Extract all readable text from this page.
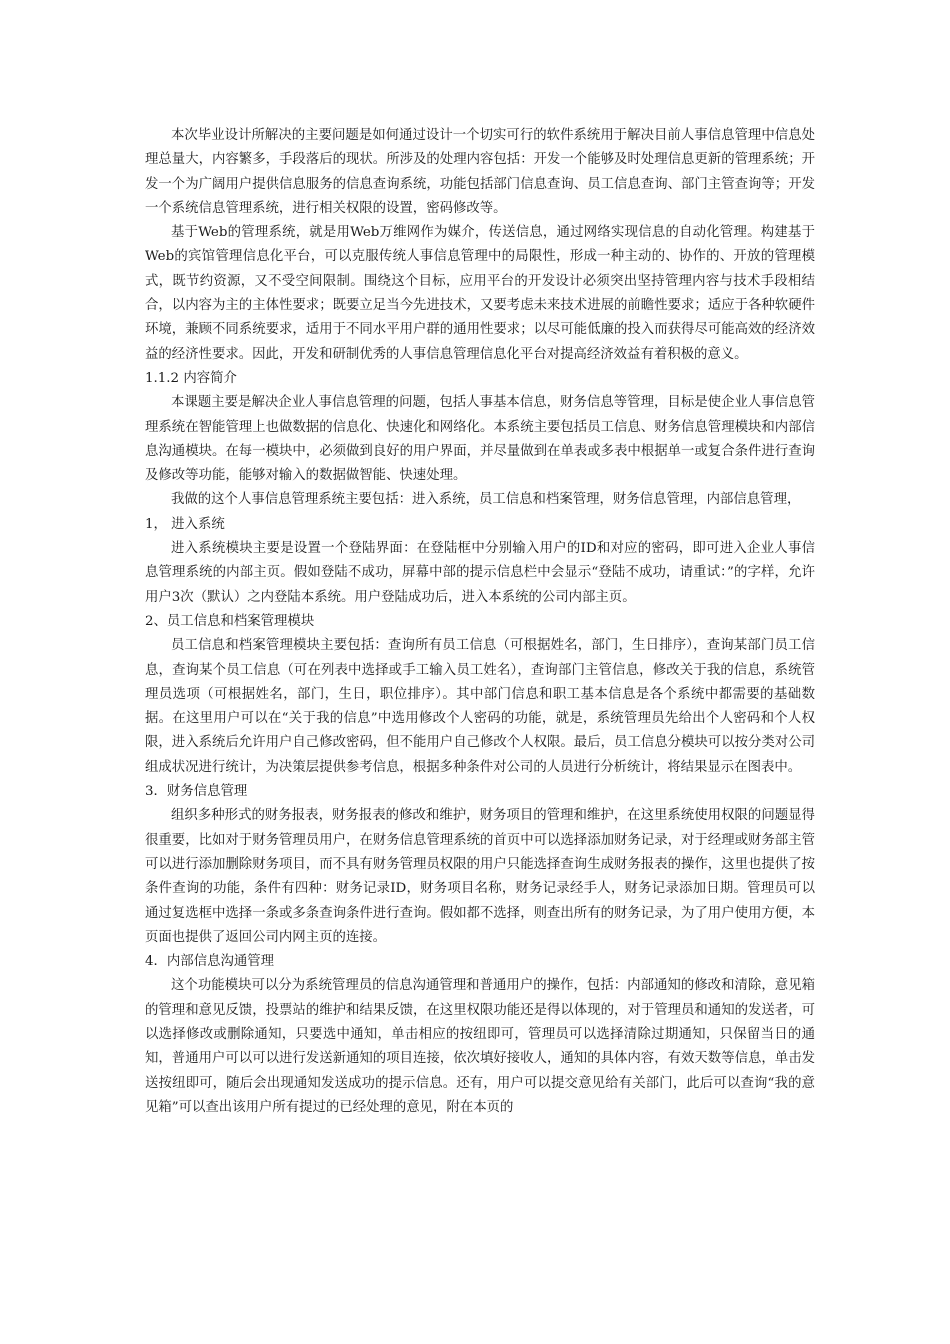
本次毕业设计所解决的主要问题是如何通过设计一个切实可行的软件系统用于解决目前人事信息管理中信息处理总量大，内容繁多，手段落后的现状。所涉及的处理内容包括：开发一个能够及时处理信息更新的管理系统；开发一个为广阔用户提供信息服务的信息查询系统，功能包括部门信息查询、员工信息查询、部门主管查询等；开发一个系统信息管理系统，进行相关权限的设置，密码修改等。

基于Web的管理系统，就是用Web万维网作为媒介，传送信息，通过网络实现信息的自动化管理。构建基于Web的宾馆管理信息化平台，可以克服传统人事信息管理中的局限性，形成一种主动的、协作的、开放的管理模式，既节约资源，又不受空间限制。围绕这个目标，应用平台的开发设计必须突出坚持管理内容与技术手段相结合，以内容为主的主体性要求；既要立足当今先进技术，又要考虑未来技术进展的前瞻性要求；适应于各种软硬件环境，兼顾不同系统要求，适用于不同水平用户群的通用性要求；以尽可能低廉的投入而获得尽可能高效的经济效益的经济性要求。因此，开发和研制优秀的人事信息管理信息化平台对提高经济效益有着积极的意义。

1.1.2 内容简介

本课题主要是解决企业人事信息管理的问题，包括人事基本信息，财务信息等管理，目标是使企业人事信息管理系统在智能管理上也做数据的信息化、快速化和网络化。本系统主要包括员工信息、财务信息管理模块和内部信息沟通模块。在每一模块中，必须做到良好的用户界面，并尽量做到在单表或多表中根据单一或复合条件进行查询及修改等功能，能够对输入的数据做智能、快速处理。

我做的这个人事信息管理系统主要包括：进入系统，员工信息和档案管理，财务信息管理，内部信息管理，

1， 进入系统

进入系统模块主要是设置一个登陆界面：在登陆框中分别输入用户的ID和对应的密码，即可进入企业人事信息管理系统的内部主页。假如登陆不成功，屏幕中部的提示信息栏中会显示“登陆不成功，请重试：”的字样，允许用户3次（默认）之内登陆本系统。用户登陆成功后，进入本系统的公司内部主页。

2、员工信息和档案管理模块

员工信息和档案管理模块主要包括：查询所有员工信息（可根据姓名，部门，生日排序），查询某部门员工信息，查询某个员工信息（可在列表中选择或手工输入员工姓名），查询部门主管信息，修改关于我的信息，系统管理员选项（可根据姓名，部门，生日，职位排序）。其中部门信息和职工基本信息是各个系统中都需要的基础数据。在这里用户可以在“关于我的信息”中选用修改个人密码的功能，就是，系统管理员先给出个人密码和个人权限，进入系统后允许用户自己修改密码，但不能用户自己修改个人权限。最后，员工信息分模块可以按分类对公司组成状况进行统计，为决策层提供参考信息，根据多种条件对公司的人员进行分析统计，将结果显示在图表中。

3．财务信息管理

组织多种形式的财务报表，财务报表的修改和维护，财务项目的管理和维护，在这里系统使用权限的问题显得很重要，比如对于财务管理员用户，在财务信息管理系统的首页中可以选择添加财务记录，对于经理或财务部主管可以进行添加删除财务项目，而不具有财务管理员权限的用户只能选择查询生成财务报表的操作，这里也提供了按条件查询的功能，条件有四种：财务记录ID，财务项目名称，财务记录经手人，财务记录添加日期。管理员可以通过复选框中选择一条或多条查询条件进行查询。假如都不选择，则查出所有的财务记录，为了用户使用方便，本页面也提供了返回公司内网主页的连接。

4．内部信息沟通管理

这个功能模块可以分为系统管理员的信息沟通管理和普通用户的操作，包括：内部通知的修改和清除，意见箱的管理和意见反馈，投票站的维护和结果反馈，在这里权限功能还是得以体现的，对于管理员和通知的发送者，可以选择修改或删除通知，只要选中通知，单击相应的按纽即可，管理员可以选择清除过期通知，只保留当日的通知，普通用户可以可以进行发送新通知的项目连接，依次填好接收人，通知的具体内容，有效天数等信息，单击发送按纽即可，随后会出现通知发送成功的提示信息。还有，用户可以提交意见给有关部门，此后可以查询“我的意见箱”可以查出该用户所有提过的已经处理的意见，附在本页的
